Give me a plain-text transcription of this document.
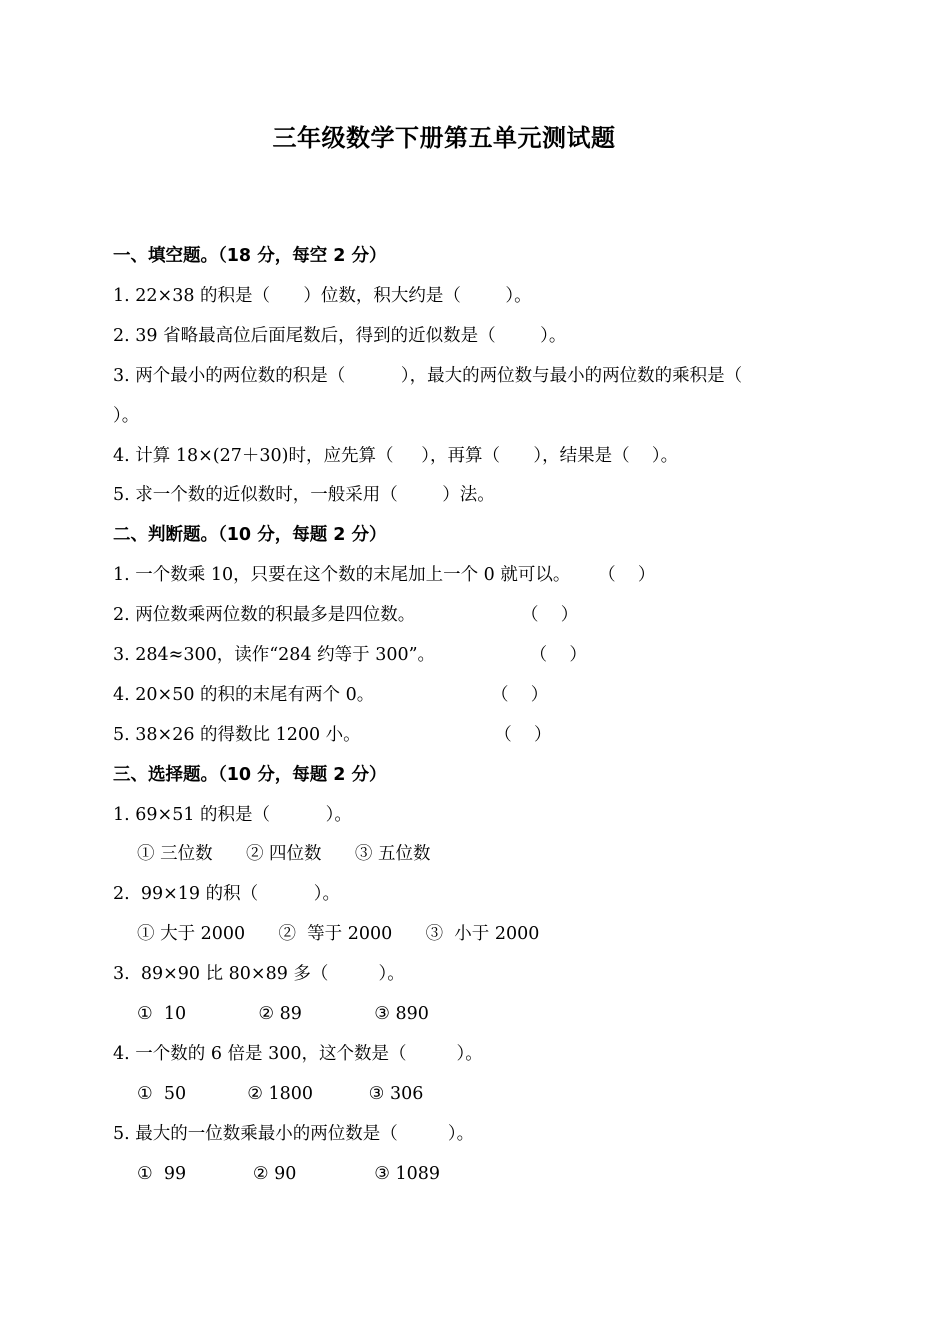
三年级数学下册第五单元测试题
一、填空题。（18 分，每空 2 分）
1. 22×38 的积是（      ）位数，积大约是（        ）。
2. 39 省略最高位后面尾数后，得到的近似数是（        ）。
3. 两个最小的两位数的积是（          ），最大的两位数与最小的两位数的乘积是（
）。
4. 计算 18×(27＋30)时，应先算（     ），再算（      ），结果是（    ）。
5. 求一个数的近似数时，一般采用（        ）法。
二、判断题。（10 分，每题 2 分）
1. 一个数乘 10，只要在这个数的末尾加上一个 0 就可以。     （    ）
2. 两位数乘两位数的积最多是四位数。                   （    ）
3. 284≈300，读作“284 约等于 300”。                 （    ）
4. 20×50 的积的末尾有两个 0。                     （    ）
5. 38×26 的得数比 1200 小。                        （    ）
三、选择题。（10 分，每题 2 分）
1. 69×51 的积是（          ）。
① 三位数      ② 四位数      ③ 五位数
2.  99×19 的积（          ）。
① 大于 2000      ②  等于 2000      ③  小于 2000
3.  89×90 比 80×89 多（         ）。
①  10             ② 89             ③ 890
4. 一个数的 6 倍是 300，这个数是（         ）。
①  50           ② 1800          ③ 306
5. 最大的一位数乘最小的两位数是（         ）。
①  99            ② 90              ③ 1089
